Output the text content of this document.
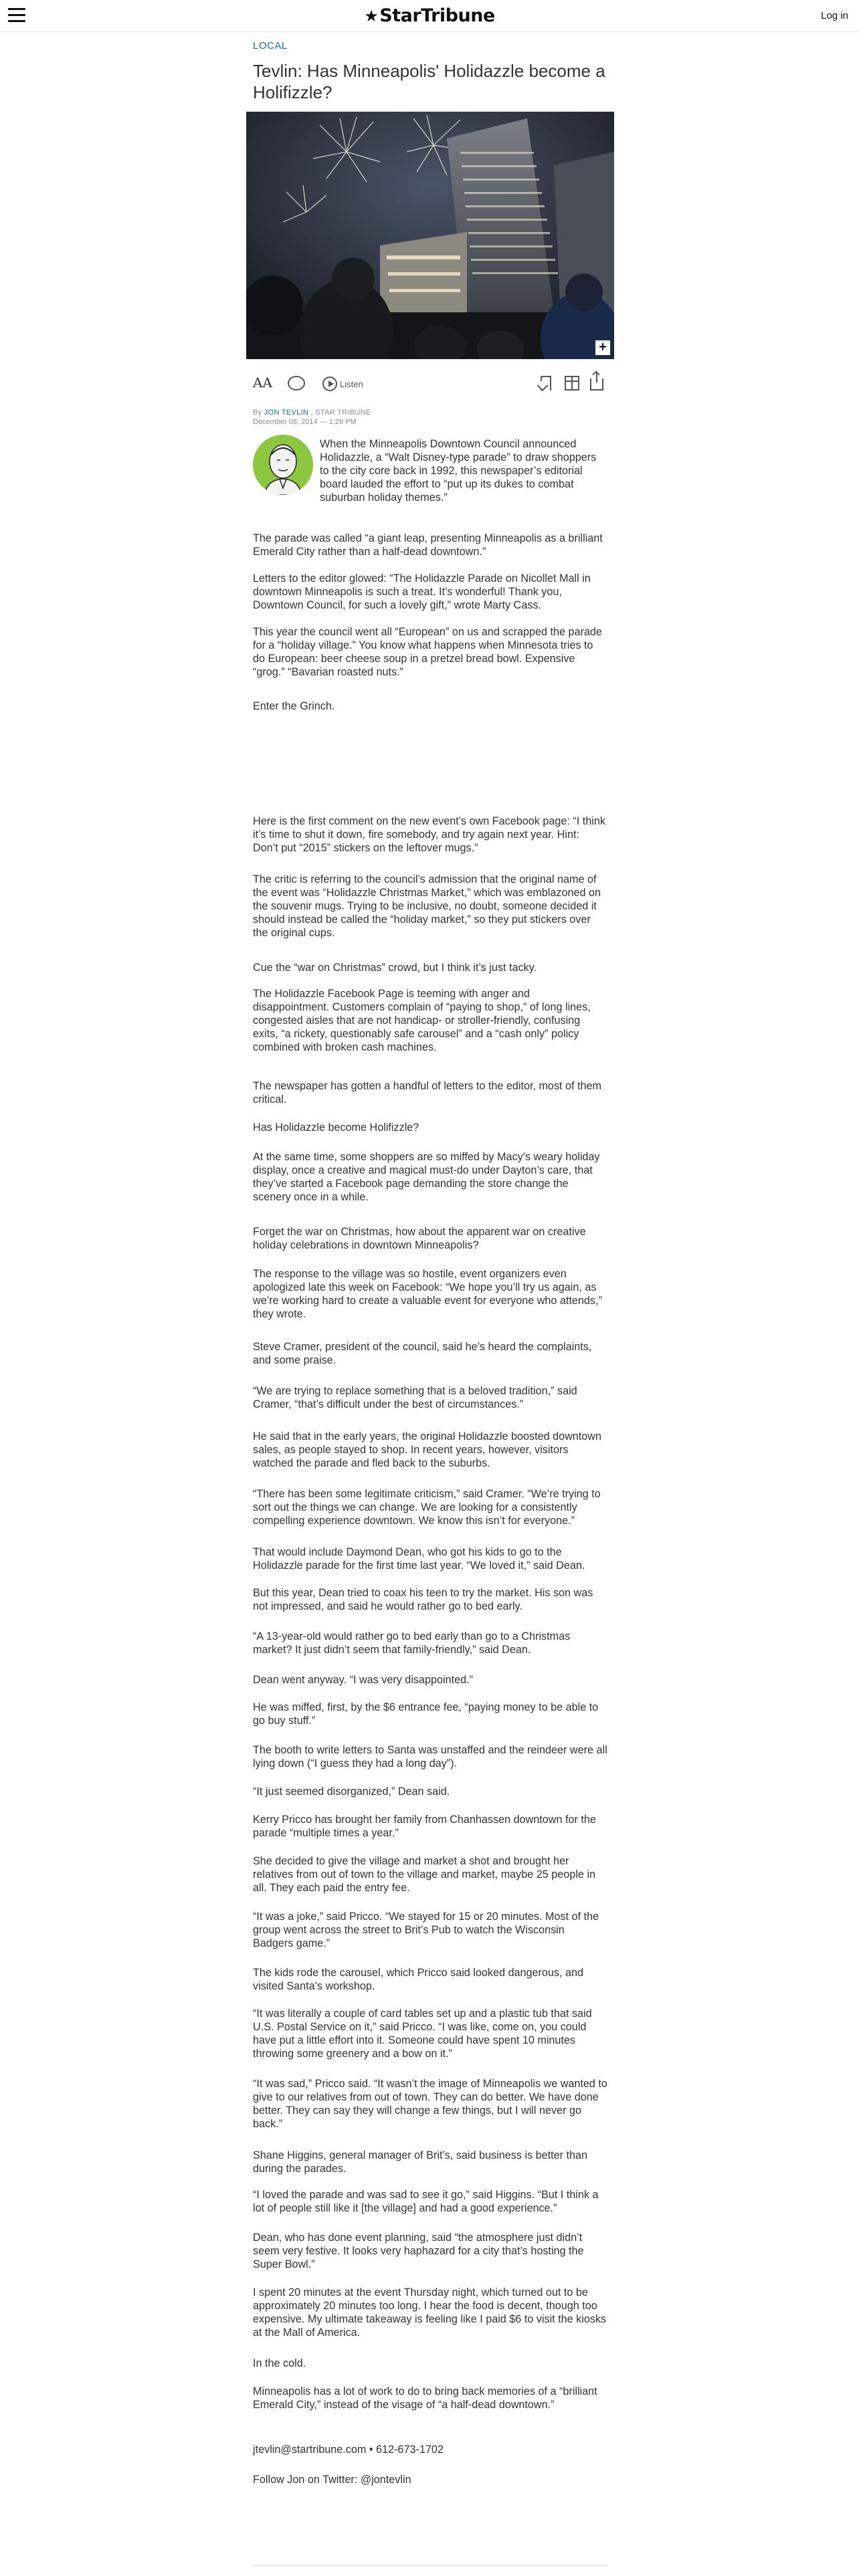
★StarTribune	Log in
LOCAL
Tevlin: Has Minneapolis' Holidazzle become a Holifizzle?
+
AA	Listen
By JON TEVLIN , STAR TRIBUNE
December 08, 2014 — 1:29 PM

When the Minneapolis Downtown Council announced Holidazzle, a “Walt Disney-type parade” to draw shoppers to the city core back in 1992, this newspaper’s editorial board lauded the effort to “put up its dukes to combat suburban holiday themes.”

The parade was called “a giant leap, presenting Minneapolis as a brilliant Emerald City rather than a half-dead downtown.”

Letters to the editor glowed: “The Holidazzle Parade on Nicollet Mall in downtown Minneapolis is such a treat. It’s wonderful! Thank you, Downtown Council, for such a lovely gift,” wrote Marty Cass.

This year the council went all “European” on us and scrapped the parade for a “holiday village.” You know what happens when Minnesota tries to do European: beer cheese soup in a pretzel bread bowl. Expensive “grog.” “Bavarian roasted nuts.”

Enter the Grinch.

Here is the first comment on the new event’s own Facebook page: “I think it’s time to shut it down, fire somebody, and try again next year. Hint: Don’t put “2015” stickers on the leftover mugs.”

The critic is referring to the council’s admission that the original name of the event was “Holidazzle Christmas Market,” which was emblazoned on the souvenir mugs. Trying to be inclusive, no doubt, someone decided it should instead be called the “holiday market,” so they put stickers over the original cups.

Cue the “war on Christmas” crowd, but I think it’s just tacky.

The Holidazzle Facebook Page is teeming with anger and disappointment. Customers complain of “paying to shop,” of long lines, congested aisles that are not handicap- or stroller-friendly, confusing exits, “a rickety, questionably safe carousel” and a “cash only” policy combined with broken cash machines.

The newspaper has gotten a handful of letters to the editor, most of them critical.

Has Holidazzle become Holifizzle?

At the same time, some shoppers are so miffed by Macy’s weary holiday display, once a creative and magical must-do under Dayton’s care, that they’ve started a Facebook page demanding the store change the scenery once in a while.

Forget the war on Christmas, how about the apparent war on creative holiday celebrations in downtown Minneapolis?

The response to the village was so hostile, event organizers even apologized late this week on Facebook: “We hope you’ll try us again, as we’re working hard to create a valuable event for everyone who attends,” they wrote.

Steve Cramer, president of the council, said he’s heard the complaints, and some praise.

“We are trying to replace something that is a beloved tradition,” said Cramer, “that’s difficult under the best of circumstances.”

He said that in the early years, the original Holidazzle boosted downtown sales, as people stayed to shop. In recent years, however, visitors watched the parade and fled back to the suburbs.

“There has been some legitimate criticism,” said Cramer. “We’re trying to sort out the things we can change. We are looking for a consistently compelling experience downtown. We know this isn’t for everyone.”

That would include Daymond Dean, who got his kids to go to the Holidazzle parade for the first time last year. “We loved it,” said Dean.

But this year, Dean tried to coax his teen to try the market. His son was not impressed, and said he would rather go to bed early.

“A 13-year-old would rather go to bed early than go to a Christmas market? It just didn’t seem that family-friendly,” said Dean.

Dean went anyway. “I was very disappointed.”

He was miffed, first, by the $6 entrance fee, “paying money to be able to go buy stuff.”

The booth to write letters to Santa was unstaffed and the reindeer were all lying down (“I guess they had a long day”).

“It just seemed disorganized,” Dean said.

Kerry Pricco has brought her family from Chanhassen downtown for the parade “multiple times a year.”

She decided to give the village and market a shot and brought her relatives from out of town to the village and market, maybe 25 people in all. They each paid the entry fee.

“It was a joke,” said Pricco. “We stayed for 15 or 20 minutes. Most of the group went across the street to Brit’s Pub to watch the Wisconsin Badgers game.”

The kids rode the carousel, which Pricco said looked dangerous, and visited Santa’s workshop.

“It was literally a couple of card tables set up and a plastic tub that said U.S. Postal Service on it,” said Pricco. “I was like, come on, you could have put a little effort into it. Someone could have spent 10 minutes throwing some greenery and a bow on it.”

“It was sad,” Pricco said. “It wasn’t the image of Minneapolis we wanted to give to our relatives from out of town. They can do better. We have done better. They can say they will change a few things, but I will never go back.”

Shane Higgins, general manager of Brit’s, said business is better than during the parades.

“I loved the parade and was sad to see it go,” said Higgins. “But I think a lot of people still like it [the village] and had a good experience.”

Dean, who has done event planning, said “the atmosphere just didn’t seem very festive. It looks very haphazard for a city that’s hosting the Super Bowl.”

I spent 20 minutes at the event Thursday night, which turned out to be approximately 20 minutes too long. I hear the food is decent, though too expensive. My ultimate takeaway is feeling like I paid $6 to visit the kiosks at the Mall of America.

In the cold.

Minneapolis has a lot of work to do to bring back memories of a “brilliant Emerald City,” instead of the visage of “a half-dead downtown.”

jtevlin@startribune.com • 612-673-1702

Follow Jon on Twitter: @jontevlin
